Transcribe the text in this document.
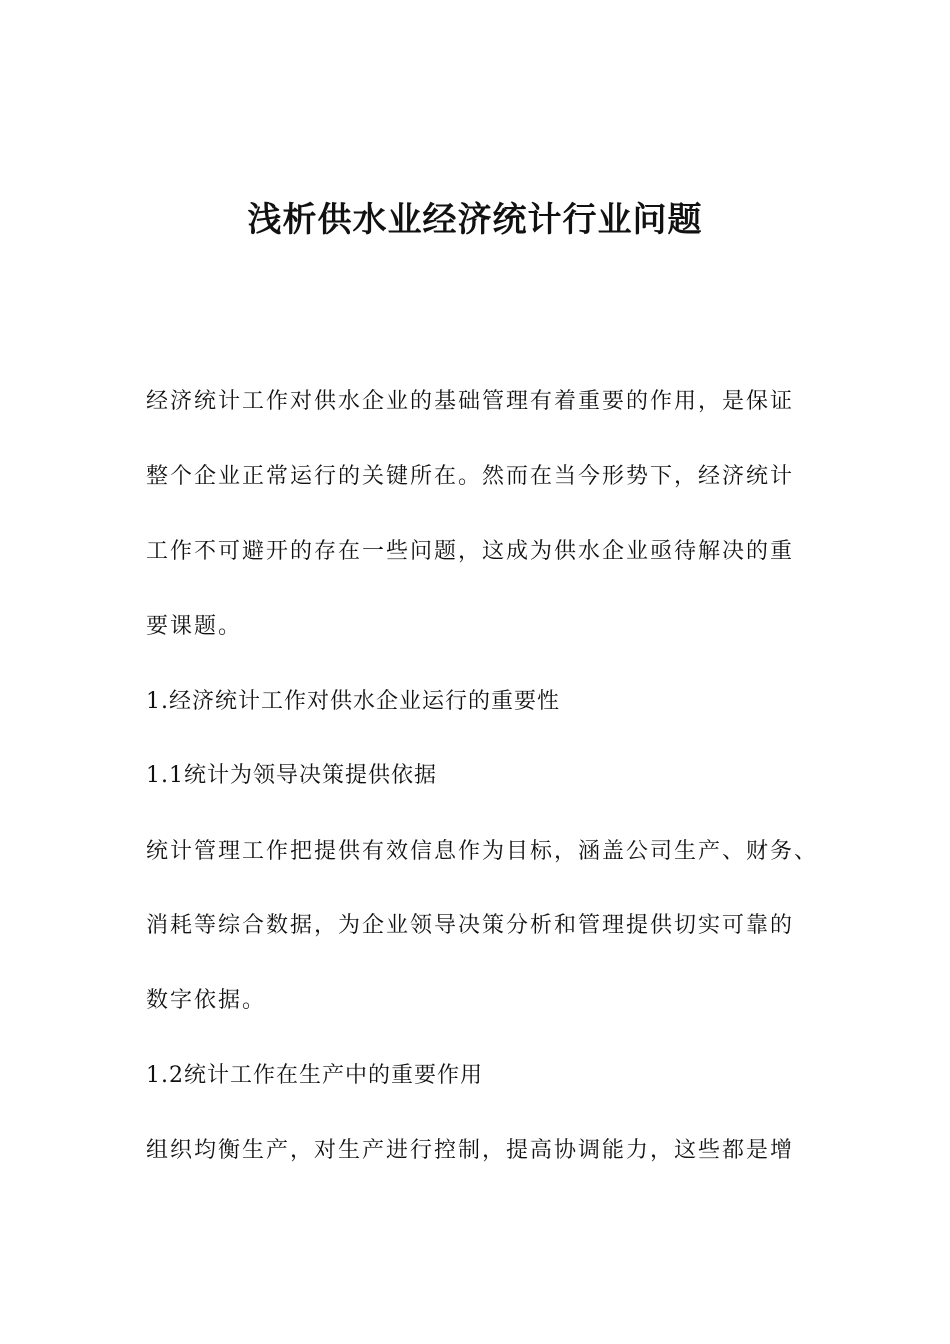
浅析供水业经济统计行业问题

经济统计工作对供水企业的基础管理有着重要的作用，是保证

整个企业正常运行的关键所在。然而在当今形势下，经济统计

工作不可避开的存在一些问题，这成为供水企业亟待解决的重

要课题。

1.经济统计工作对供水企业运行的重要性

1.1统计为领导决策提供依据

统计管理工作把提供有效信息作为目标，涵盖公司生产、财务、

消耗等综合数据，为企业领导决策分析和管理提供切实可靠的

数字依据。

1.2统计工作在生产中的重要作用

组织均衡生产，对生产进行控制，提高协调能力，这些都是增
